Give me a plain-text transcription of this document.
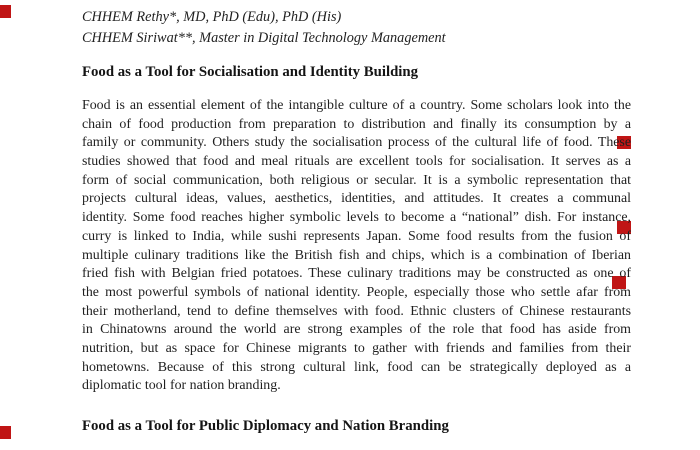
CHHEM Rethy*, MD, PhD (Edu), PhD (His)
CHHEM Siriwat**, Master in Digital Technology Management
Food as a Tool for Socialisation and Identity Building
Food is an essential element of the intangible culture of a country. Some scholars look into the
chain of food production from preparation to distribution and finally its consumption by a
family or community. Others study the socialisation process of the cultural life of food. These
studies showed that food and meal rituals are excellent tools for socialisation. It serves as a
form of social communication, both religious or secular. It is a symbolic representation that
projects cultural ideas, values, aesthetics, identities, and attitudes. It creates a communal
identity. Some food reaches higher symbolic levels to become a “national” dish. For instance,
curry is linked to India, while sushi represents Japan. Some food results from the fusion of
multiple culinary traditions like the British fish and chips, which is a combination of Iberian
fried fish with Belgian fried potatoes. These culinary traditions may be constructed as one of
the most powerful symbols of national identity. People, especially those who settle afar from
their motherland, tend to define themselves with food. Ethnic clusters of Chinese restaurants
in Chinatowns around the world are strong examples of the role that food has aside from
nutrition, but as space for Chinese migrants to gather with friends and families from their
hometowns. Because of this strong cultural link, food can be strategically deployed as a
diplomatic tool for nation branding.
Food as a Tool for Public Diplomacy and Nation Branding
